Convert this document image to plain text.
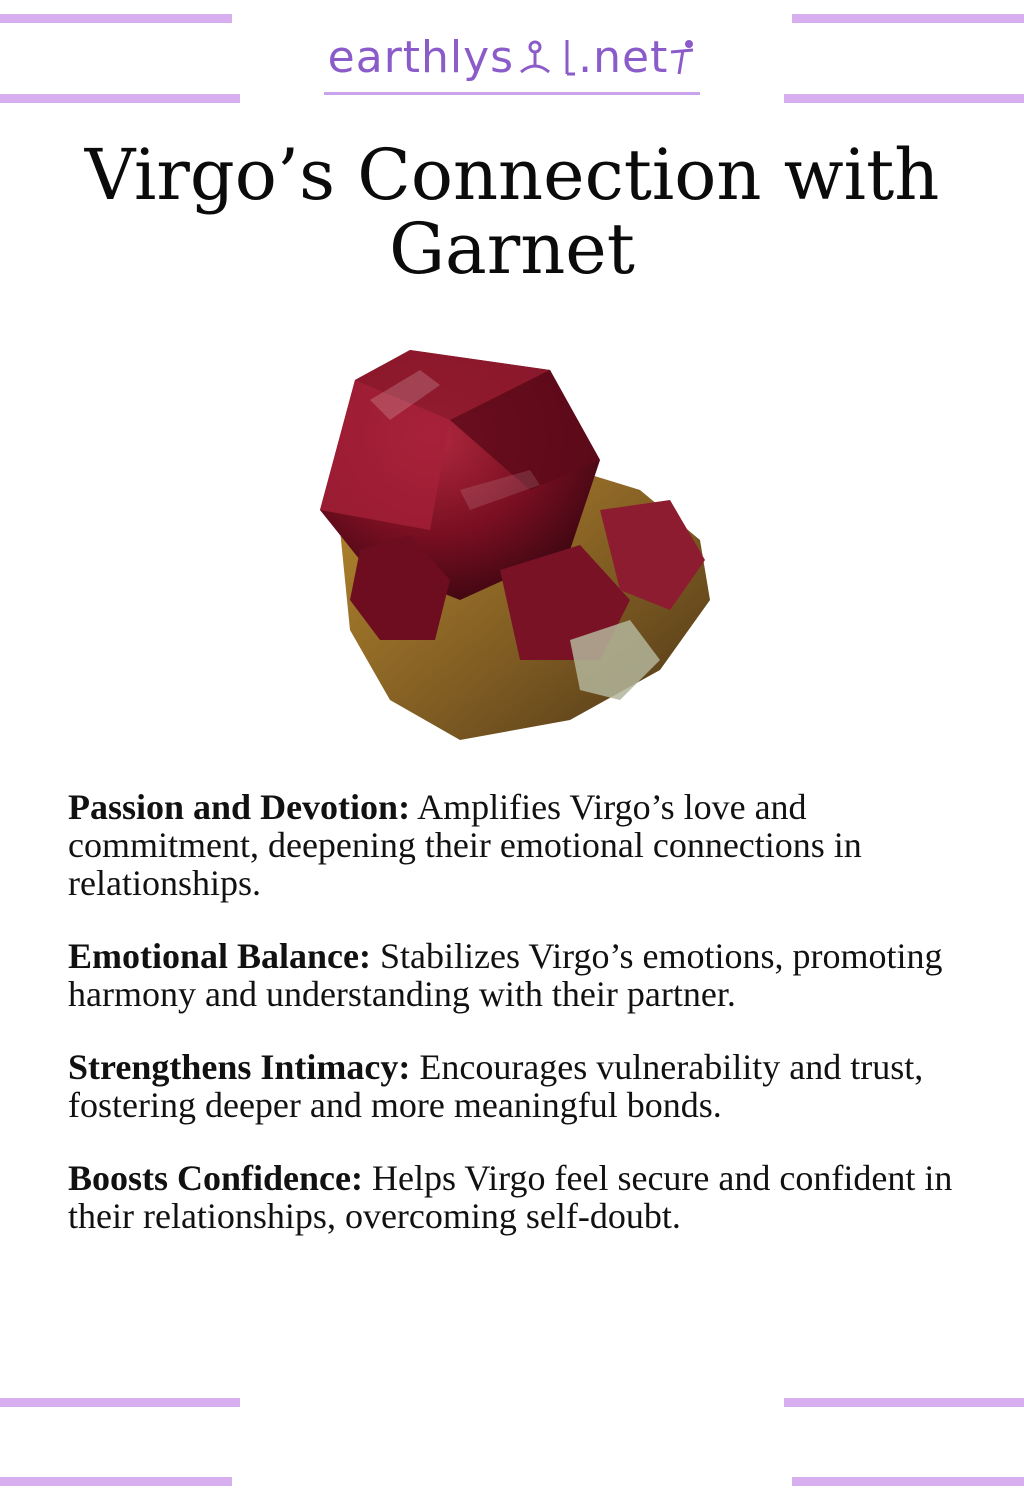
earthlys .net
Virgo’s Connection with Garnet

Passion and Devotion: Amplifies Virgo’s love and commitment, deepening their emotional connections in relationships.

Emotional Balance: Stabilizes Virgo’s emotions, promoting harmony and understanding with their partner.

Strengthens Intimacy: Encourages vulnerability and trust, fostering deeper and more meaningful bonds.

Boosts Confidence: Helps Virgo feel secure and confident in their relationships, overcoming self-doubt.
